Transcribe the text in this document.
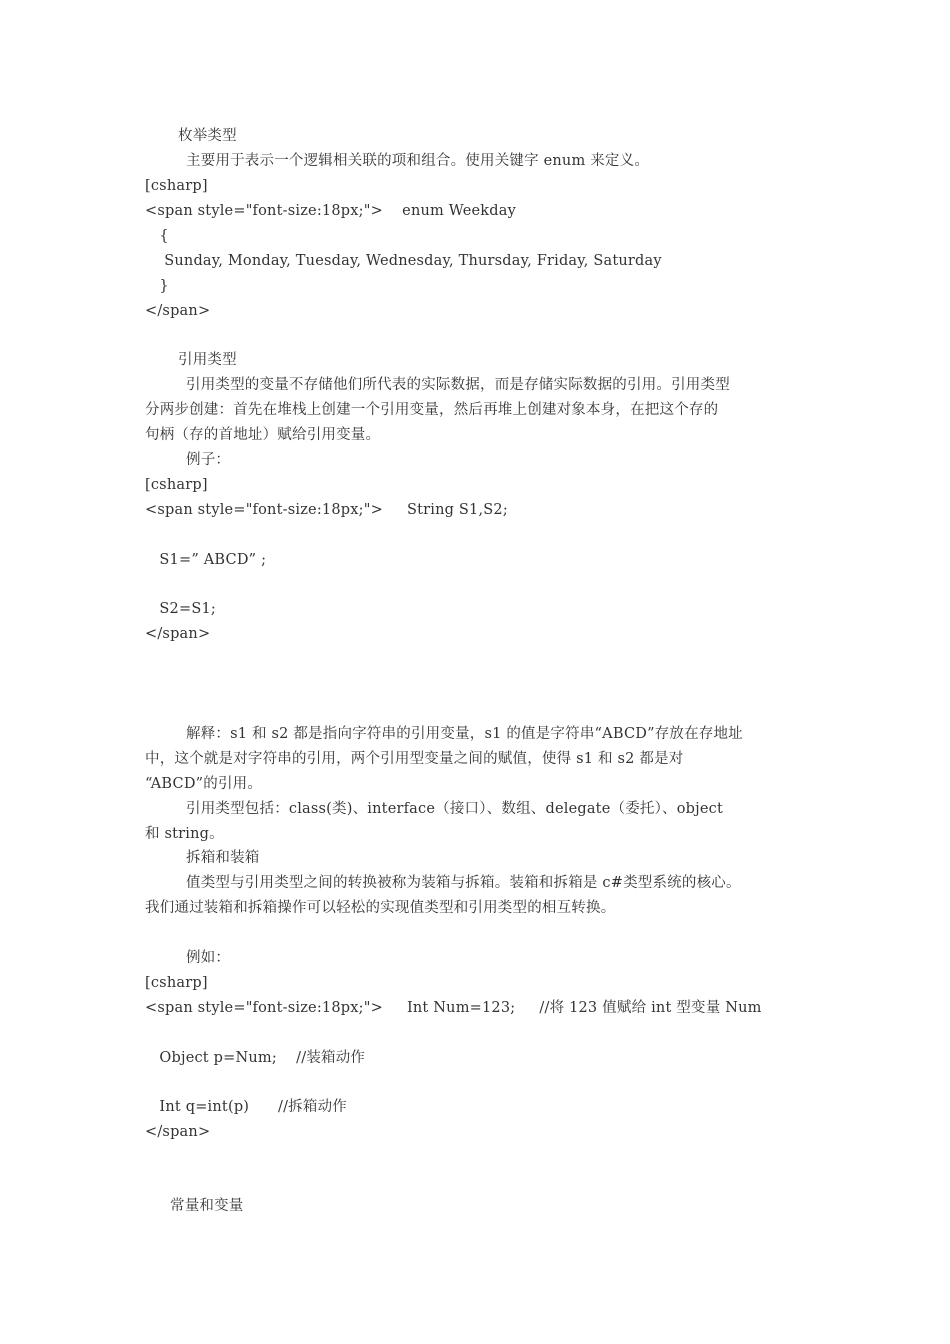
枚举类型
主要用于表示一个逻辑相关联的项和组合。使用关键字 enum 来定义。
[csharp]
<span style="font-size:18px;">    enum Weekday
{
Sunday, Monday, Tuesday, Wednesday, Thursday, Friday, Saturday
}
</span>
引用类型
引用类型的变量不存储他们所代表的实际数据，而是存储实际数据的引用。引用类型
分两步创建：首先在堆栈上创建一个引用变量，然后再堆上创建对象本身，在把这个存的
句柄（存的首地址）赋给引用变量。
例子：
[csharp]
<span style="font-size:18px;">     String S1,S2;
S1=” ABCD” ;
S2=S1;
</span>
解释：s1 和 s2 都是指向字符串的引用变量，s1 的值是字符串“ABCD”存放在存地址
中，这个就是对字符串的引用，两个引用型变量之间的赋值，使得 s1 和 s2 都是对
“ABCD”的引用。
引用类型包括：class(类)、interface（接口）、数组、delegate（委托）、object
和 string。
拆箱和装箱
值类型与引用类型之间的转换被称为装箱与拆箱。装箱和拆箱是 c#类型系统的核心。
我们通过装箱和拆箱操作可以轻松的实现值类型和引用类型的相互转换。
例如：
[csharp]
<span style="font-size:18px;">     Int Num=123;     //将 123 值赋给 int 型变量 Num
Object p=Num;    //装箱动作
Int q=int(p)      //拆箱动作
</span>
常量和变量
